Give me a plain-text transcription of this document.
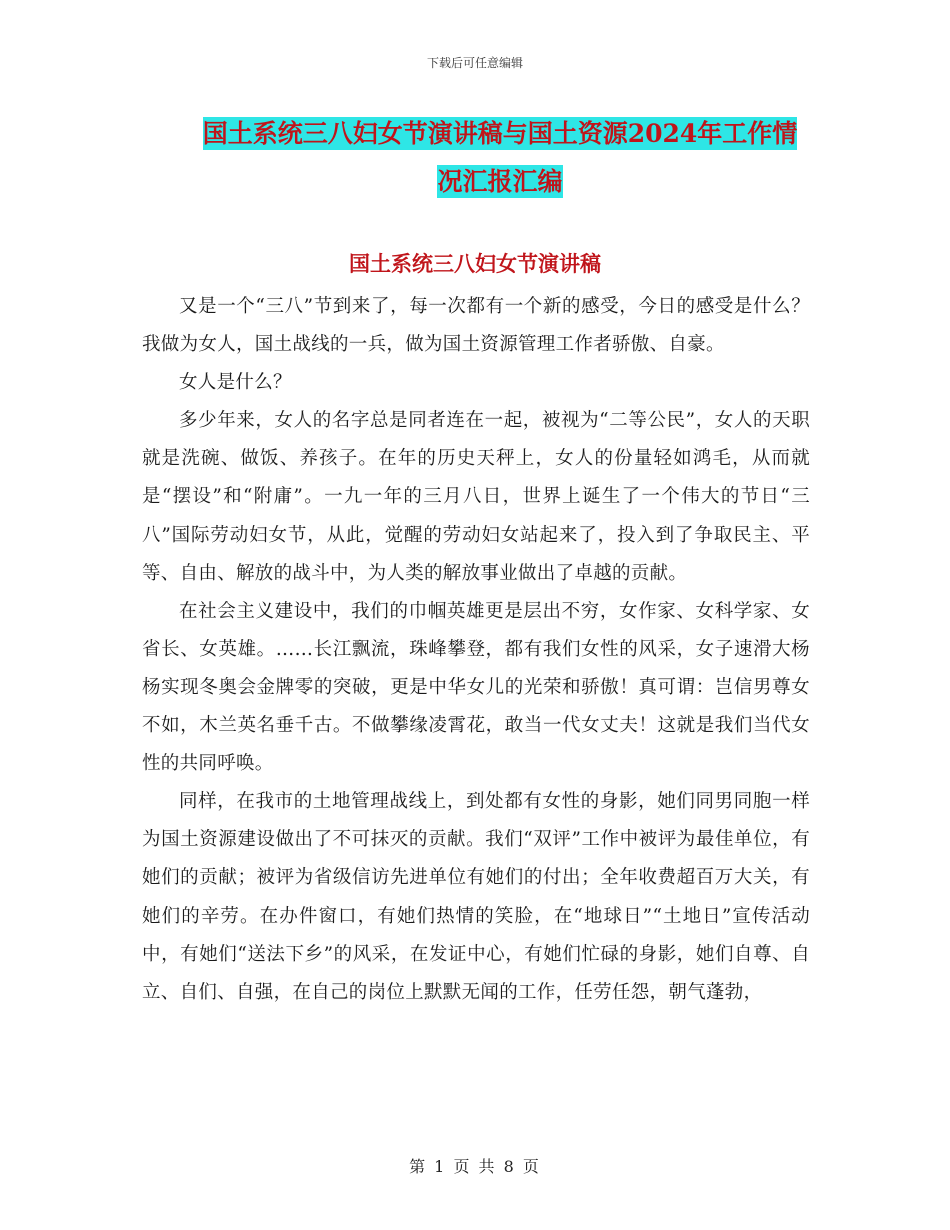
下载后可任意编辑
国土系统三八妇女节演讲稿与国土资源2024年工作情
况汇报汇编
国土系统三八妇女节演讲稿

又是一个“三八”节到来了，每一次都有一个新的感受，今日的感受是什么？我做为女人，国土战线的一兵，做为国土资源管理工作者骄傲、自豪。

女人是什么？

多少年来，女人的名字总是同者连在一起，被视为“二等公民”，女人的天职就是洗碗、做饭、养孩子。在年的历史天秤上，女人的份量轻如鸿毛，从而就是“摆设”和“附庸”。一九一年的三月八日，世界上诞生了一个伟大的节日“三八”国际劳动妇女节，从此，觉醒的劳动妇女站起来了，投入到了争取民主、平等、自由、解放的战斗中，为人类的解放事业做出了卓越的贡献。

在社会主义建设中，我们的巾帼英雄更是层出不穷，女作家、女科学家、女省长、女英雄。……长江飘流，珠峰攀登，都有我们女性的风采，女子速滑大杨杨实现冬奥会金牌零的突破，更是中华女儿的光荣和骄傲！真可谓：岂信男尊女不如，木兰英名垂千古。不做攀缘凌霄花，敢当一代女丈夫！这就是我们当代女性的共同呼唤。

同样，在我市的土地管理战线上，到处都有女性的身影，她们同男同胞一样为国土资源建设做出了不可抹灭的贡献。我们“双评”工作中被评为最佳单位，有她们的贡献；被评为省级信访先进单位有她们的付出；全年收费超百万大关，有她们的辛劳。在办件窗口，有她们热情的笑脸，在“地球日”“土地日”宣传活动中，有她们“送法下乡”的风采，在发证中心，有她们忙碌的身影，她们自尊、自立、自们、自强，在自己的岗位上默默无闻的工作，任劳任怨，朝气蓬勃，

第 1 页 共 8 页
